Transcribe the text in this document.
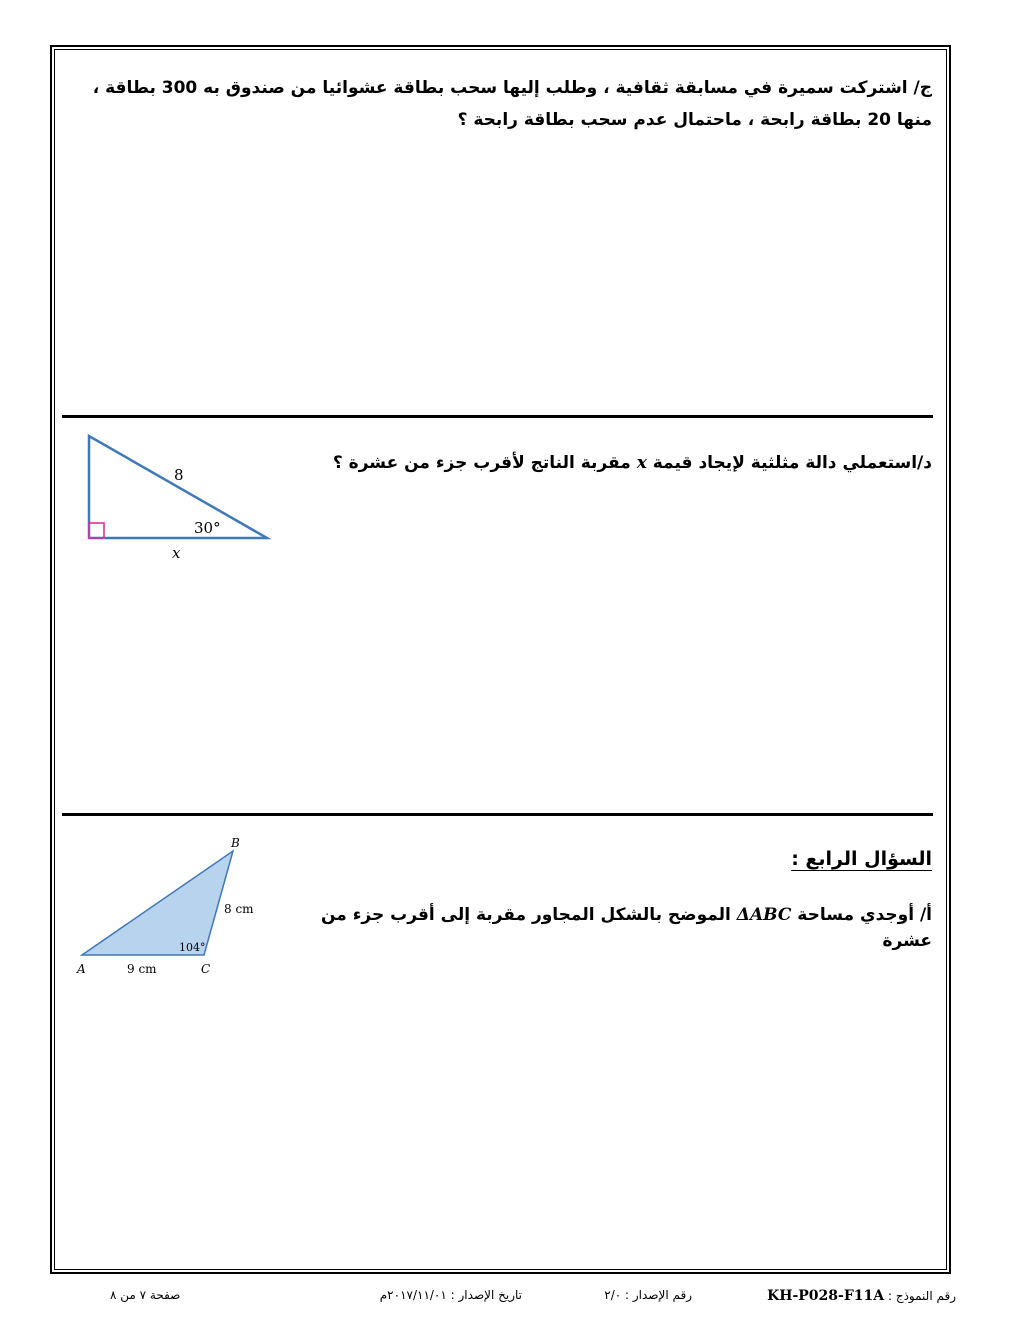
ج/ اشتركت سميرة في مسابقة ثقافية ، وطلب إليها سحب بطاقة عشوائيا من صندوق به 300 بطاقة ، منها 20 بطاقة رابحة ، ماحتمال عدم سحب بطاقة رابحة ؟
د/استعملي دالة مثلثية لإيجاد قيمة x مقربة الناتج لأقرب جزء من عشرة ؟
8
30°
x
السؤال الرابع :
أ/ أوجدي مساحة ΔABC الموضح بالشكل المجاور مقربة إلى أقرب جزء من عشرة
B
A	C
8 cm
9 cm
104°
رقم النموذج : KH-P028-F11A
رقم الإصدار : ٢/٠
تاريخ الإصدار : ٢٠١٧/١١/٠١م
صفحة ٧ من ٨
